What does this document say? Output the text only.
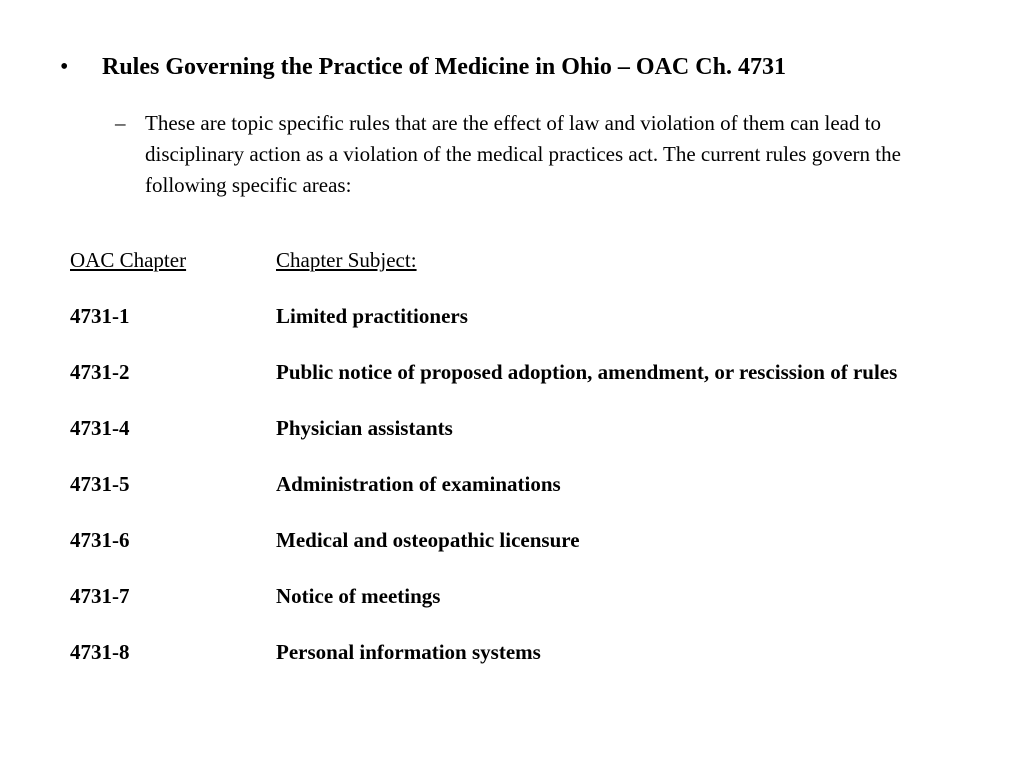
• Rules Governing the Practice of Medicine in Ohio – OAC Ch. 4731
– These are topic specific rules that are the effect of law and violation of them can lead to disciplinary action as a violation of the medical practices act. The current rules govern the following specific areas:
OAC Chapter	Chapter Subject:
4731-1	Limited practitioners
4731-2	Public notice of proposed adoption, amendment, or rescission of rules
4731-4	Physician assistants
4731-5	Administration of examinations
4731-6	Medical and osteopathic licensure
4731-7	Notice of meetings
4731-8	Personal information systems
